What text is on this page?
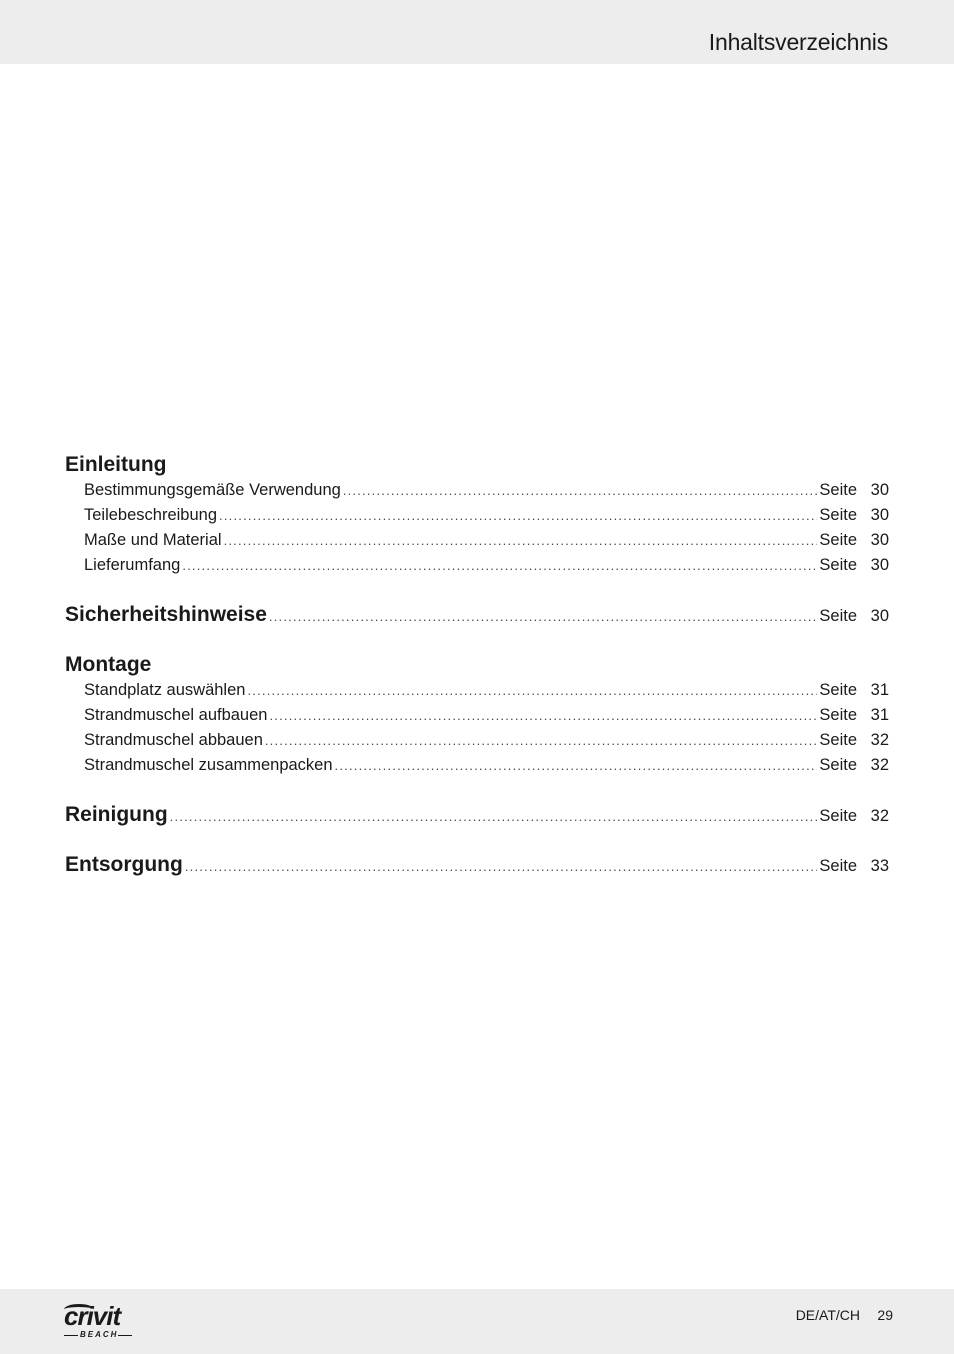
Inhaltsverzeichnis
Einleitung
Bestimmungsgemäße Verwendung .....	Seite 30
Teilebeschreibung .....	Seite 30
Maße und Material .....	Seite 30
Lieferumfang .....	Seite 30
Sicherheitshinweise .....	Seite 30
Montage
Standplatz auswählen .....	Seite 31
Strandmuschel aufbauen .....	Seite 31
Strandmuschel abbauen .....	Seite 32
Strandmuschel zusammenpacken .....	Seite 32
Reinigung .....	Seite 32
Entsorgung .....	Seite 33
crivit
BEACH
DE/AT/CH 29
